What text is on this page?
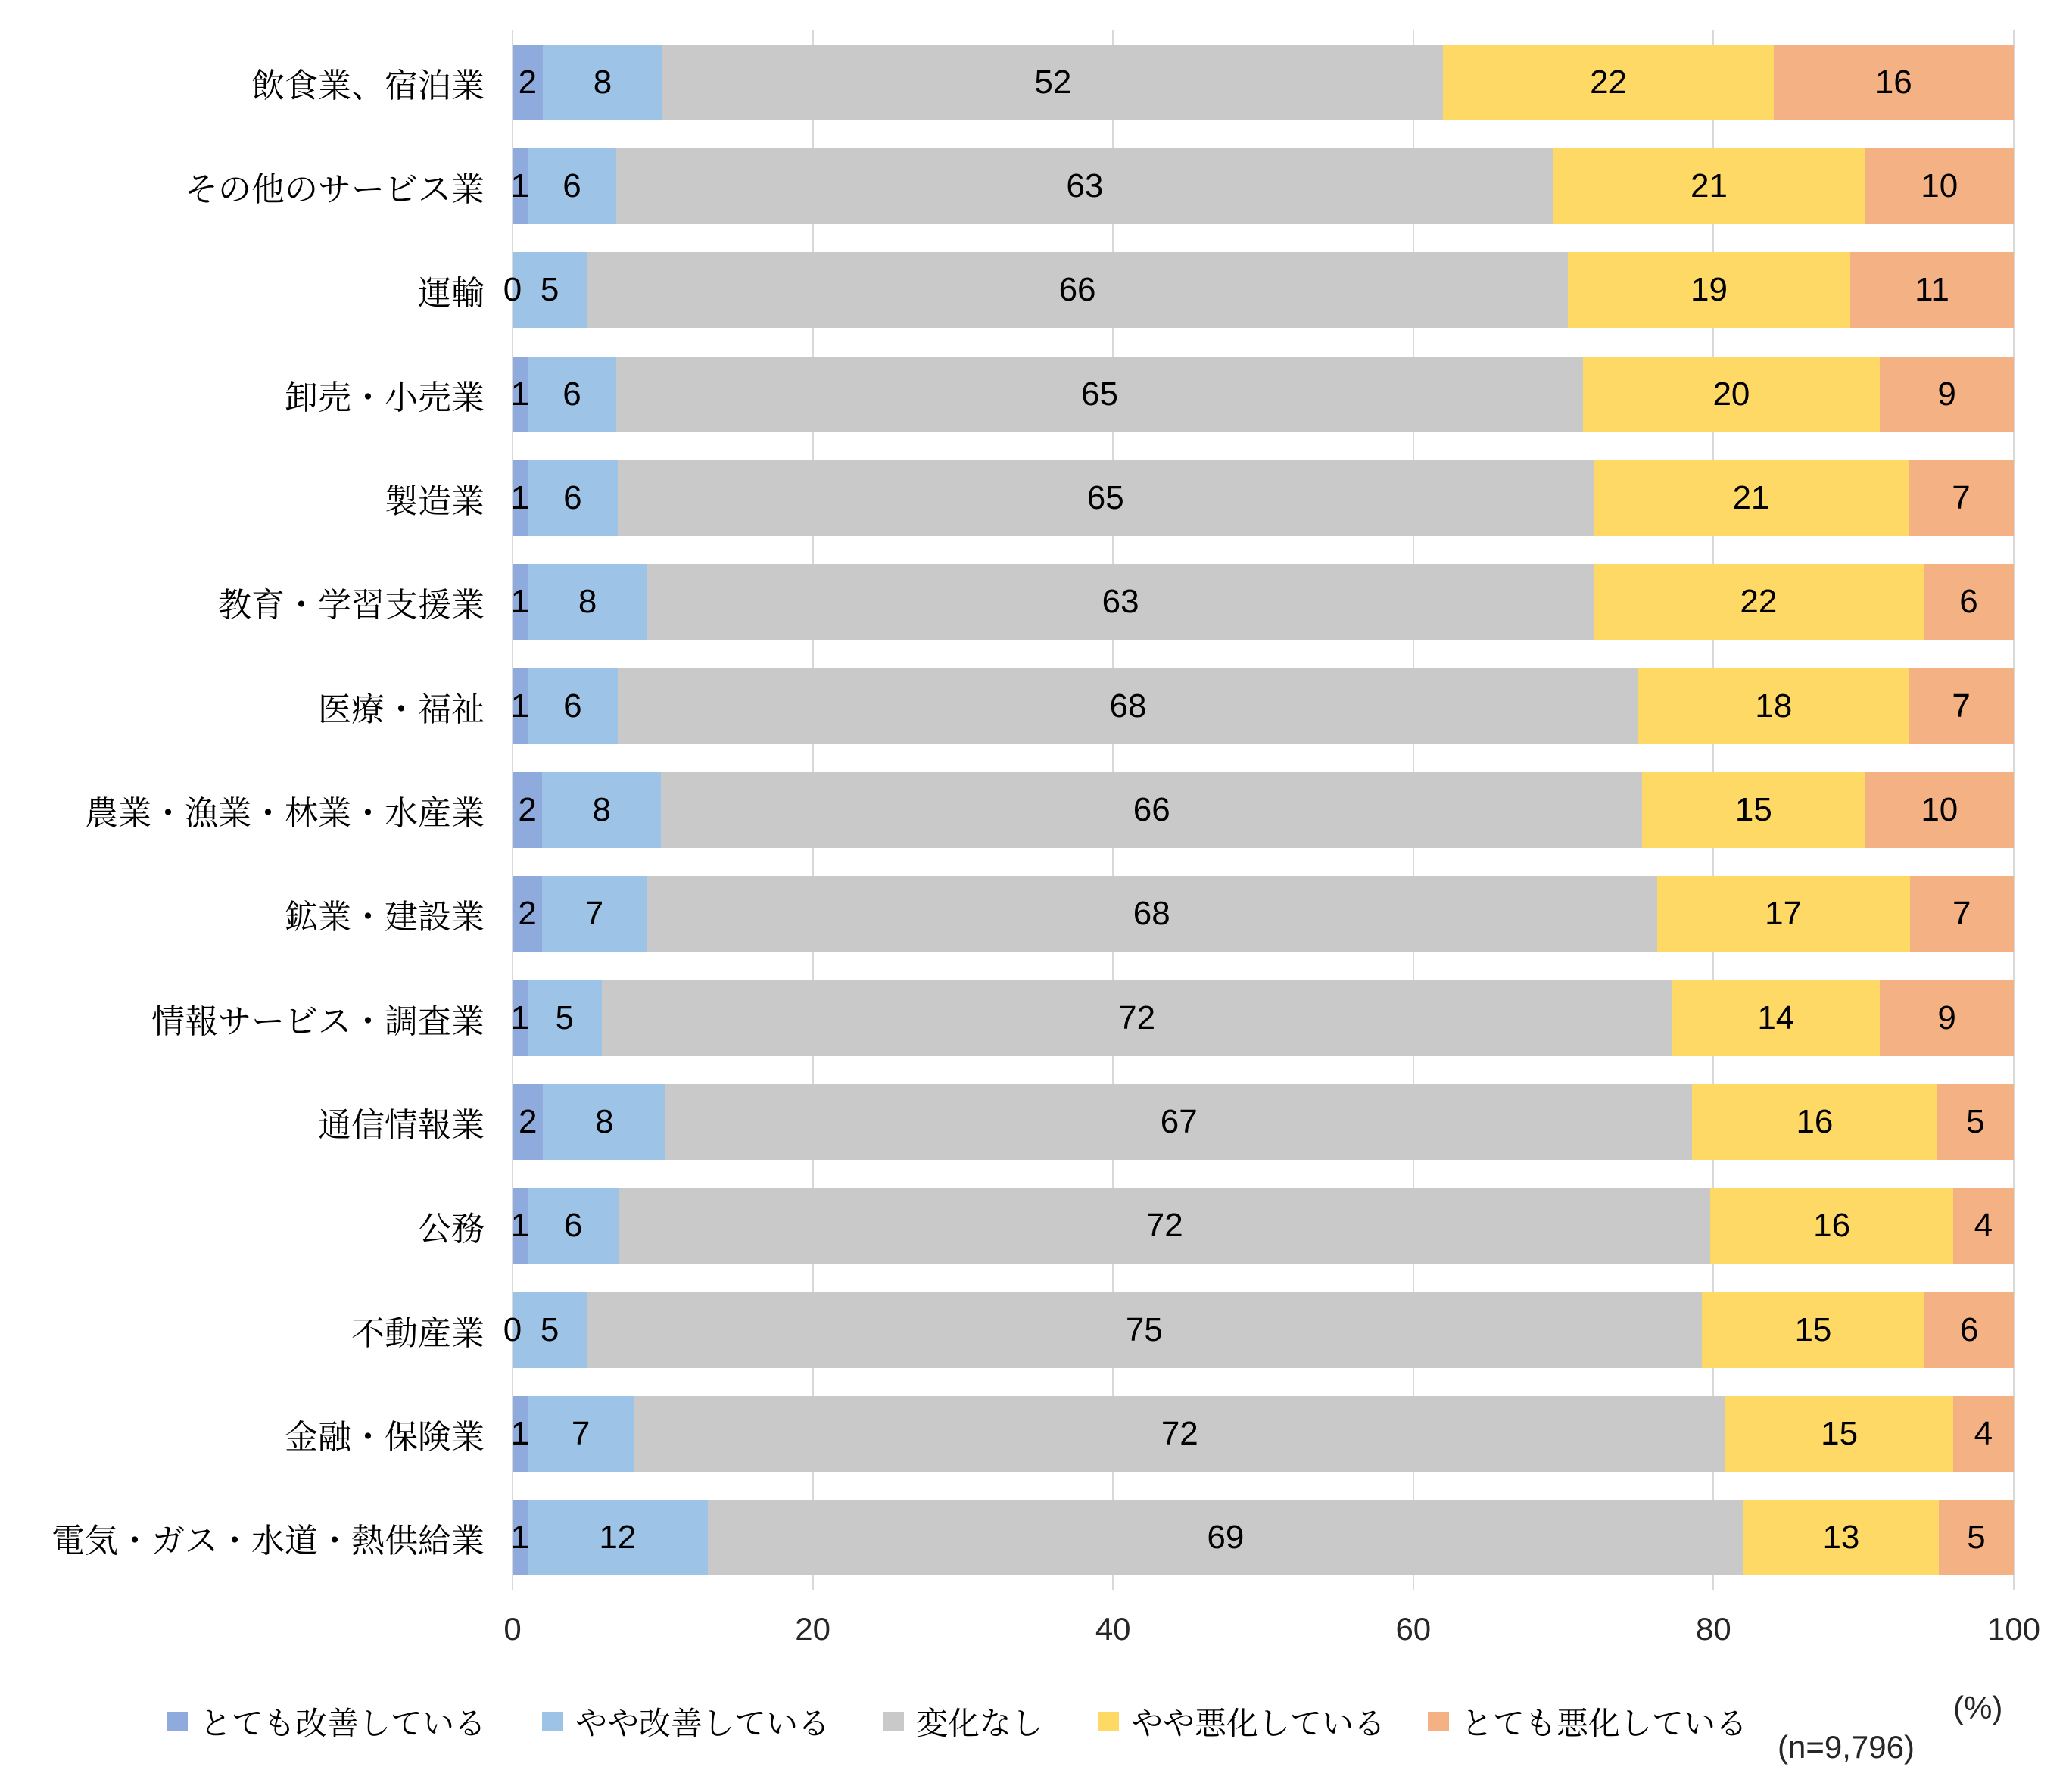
飲食業、宿泊業	2 8	52	22	16
その他のサービス業 1 6	63	21	10
運輸 0 5	66	19	11
卸売・小売業 1 6	65	20	9
製造業 1 6	65	21	7
教育・学習支援業 1 8	63	22	6
医療・福祉 1 6	68	18	7
農業・漁業・林業・水産業	2 8	66	15	10
鉱業・建設業	2 7	68	17	7
情報サービス・調査業 1 5	72	14	9
通信情報業	2 8	67	16	5
公務 1 6	72	16	4
不動産業 0 5	75	15	6
金融・保険業 1 7	72	15	4
電気・ガス・水道・熱供給業 1 12	69	13	5
0	20	40	60	80	100
(%)
とても改善している	やや改善している	変化なし	やや悪化している とても悪化している
(n=9,796)
